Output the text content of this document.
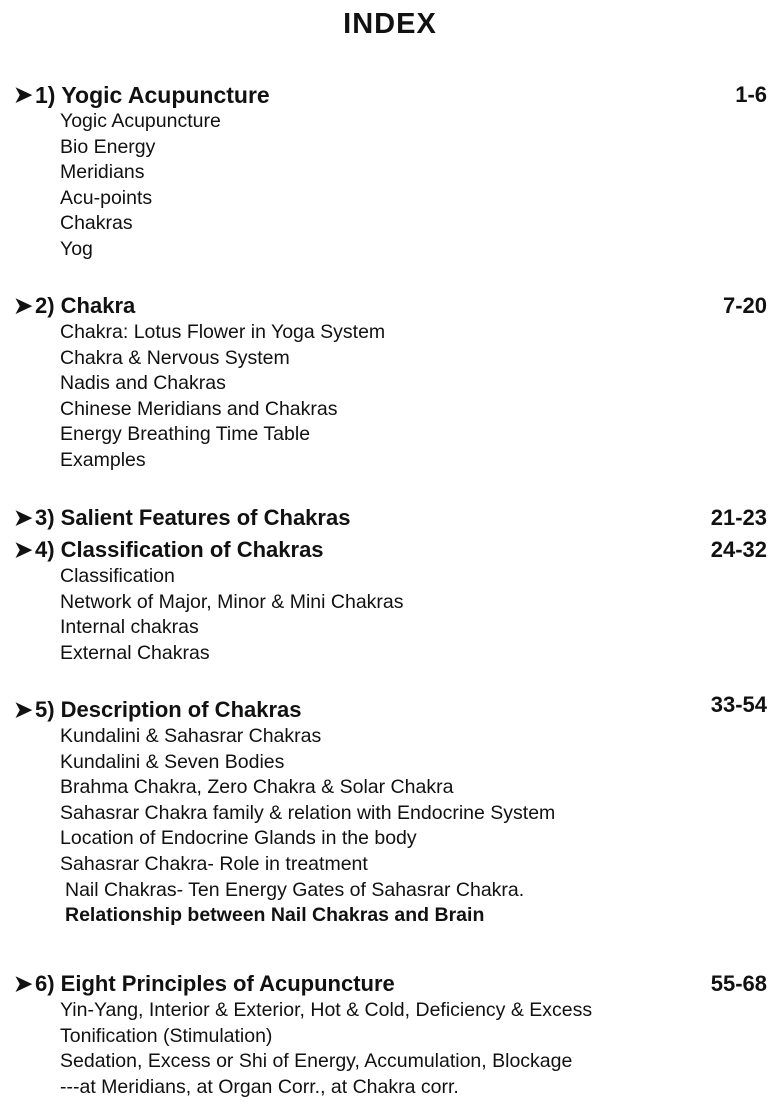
INDEX
➤ 1) Yogic Acupuncture	1-6
Yogic Acupuncture
Bio Energy
Meridians
Acu-points
Chakras
Yog
➤ 2) Chakra	7-20
Chakra: Lotus Flower in Yoga System
Chakra & Nervous System
Nadis and Chakras
Chinese Meridians and Chakras
Energy Breathing Time Table
Examples
➤ 3) Salient Features of Chakras	21-23
➤ 4) Classification of Chakras	24-32
Classification
Network of Major, Minor & Mini Chakras
Internal chakras
External Chakras
➤ 5) Description of Chakras	33-54
Kundalini & Sahasrar Chakras
Kundalini & Seven Bodies
Brahma Chakra, Zero Chakra & Solar Chakra
Sahasrar Chakra family & relation with Endocrine System
Location of Endocrine Glands in the body
Sahasrar Chakra- Role in treatment
Nail Chakras- Ten Energy Gates of Sahasrar Chakra.
Relationship between Nail Chakras and Brain
➤ 6) Eight Principles of Acupuncture	55-68
Yin-Yang, Interior & Exterior, Hot & Cold, Deficiency & Excess
Tonification (Stimulation)
Sedation, Excess or Shi of Energy, Accumulation, Blockage
---at Meridians, at Organ Corr., at Chakra corr.
